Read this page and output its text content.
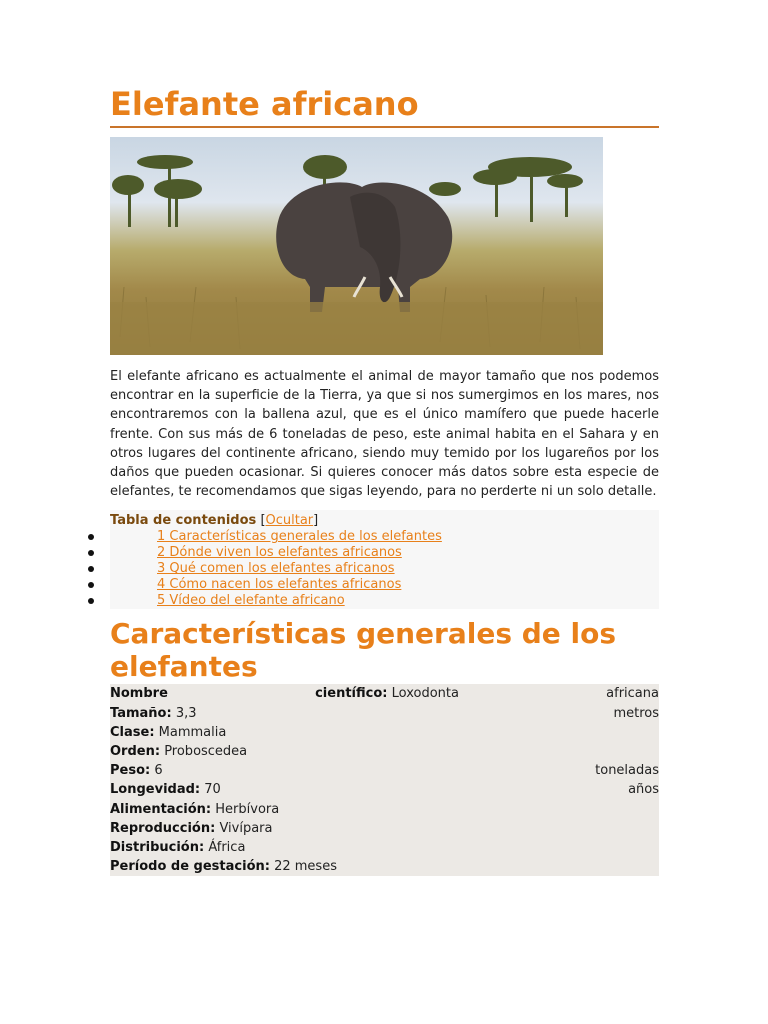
Elefante africano

El elefante africano es actualmente el animal de mayor tamaño que nos podemos encontrar en la superficie de la Tierra, ya que si nos sumergimos en los mares, nos encontraremos con la ballena azul, que es el único mamífero que puede hacerle frente. Con sus más de 6 toneladas de peso, este animal habita en el Sahara y en otros lugares del continente africano, siendo muy temido por los lugareños por los daños que pueden ocasionar. Si quieres conocer más datos sobre esta especie de elefantes, te recomendamos que sigas leyendo, para no perderte ni un solo detalle.

Tabla de contenidos [Ocultar]
1 Características generales de los elefantes
2 Dónde viven los elefantes africanos
3 Qué comen los elefantes africanos
4 Cómo nacen los elefantes africanos
5 Vídeo del elefante africano
Características generales de los elefantes
Nombre	científico: Loxodonta	africana
Tamaño: 3,3	metros
Clase: Mammalia
Orden: Proboscedea
Peso: 6	toneladas
Longevidad: 70	años
Alimentación: Herbívora
Reproducción: Vivípara
Distribución: África
Período de gestación: 22 meses
